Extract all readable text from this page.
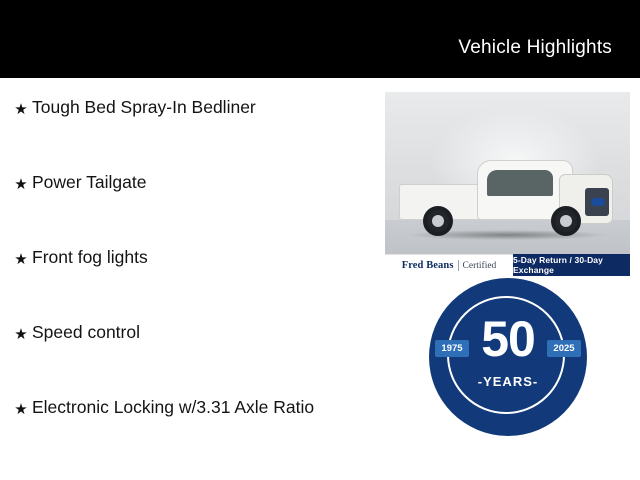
Vehicle Highlights
★ Tough Bed Spray-In Bedliner
★ Power Tailgate
★ Front fog lights
★ Speed control
★ Electronic Locking w/3.31 Axle Ratio
Fred Beans Certified
5-Day Return / 30-Day Exchange
50
-YEARS-
1975	2025
